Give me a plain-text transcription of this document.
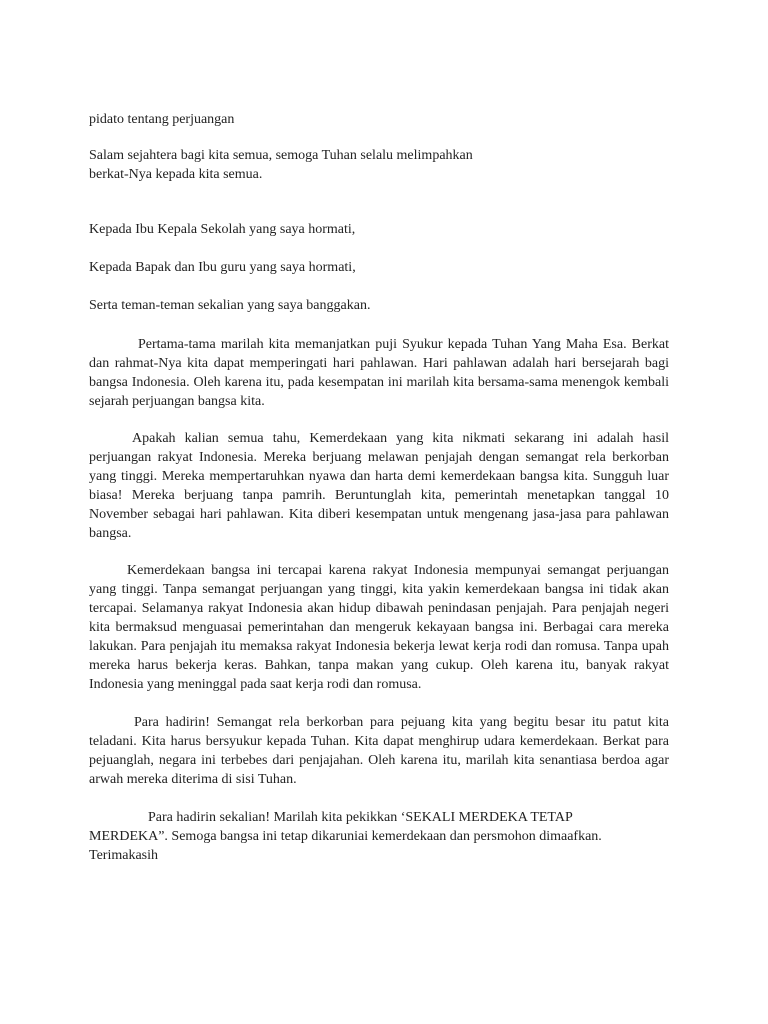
pidato tentang perjuangan

Salam sejahtera bagi kita semua, semoga Tuhan selalu melimpahkan
berkat-Nya kepada kita semua.

Kepada Ibu Kepala Sekolah yang saya hormati,

Kepada Bapak dan Ibu guru yang saya hormati,

Serta teman-teman sekalian yang saya banggakan.

Pertama-tama marilah kita memanjatkan puji Syukur kepada Tuhan Yang Maha Esa. Berkat dan rahmat-Nya kita dapat memperingati hari pahlawan. Hari pahlawan adalah hari bersejarah bagi bangsa Indonesia. Oleh karena itu, pada kesempatan ini marilah kita bersama-sama menengok kembali sejarah perjuangan bangsa kita.

Apakah kalian semua tahu, Kemerdekaan yang kita nikmati sekarang ini adalah hasil perjuangan rakyat Indonesia. Mereka berjuang melawan penjajah dengan semangat rela berkorban yang tinggi. Mereka mempertaruhkan nyawa dan harta demi kemerdekaan bangsa kita. Sungguh luar biasa! Mereka berjuang tanpa pamrih. Beruntunglah kita, pemerintah menetapkan tanggal 10 November sebagai hari pahlawan. Kita diberi kesempatan untuk mengenang jasa-jasa para pahlawan bangsa.

Kemerdekaan bangsa ini tercapai karena rakyat Indonesia mempunyai semangat perjuangan yang tinggi. Tanpa semangat perjuangan yang tinggi, kita yakin kemerdekaan bangsa ini tidak akan tercapai. Selamanya rakyat Indonesia akan hidup dibawah penindasan penjajah. Para penjajah negeri kita bermaksud menguasai pemerintahan dan mengeruk kekayaan bangsa ini. Berbagai cara mereka lakukan. Para penjajah itu memaksa rakyat Indonesia bekerja lewat kerja rodi dan romusa. Tanpa upah mereka harus bekerja keras. Bahkan, tanpa makan yang cukup. Oleh karena itu, banyak rakyat Indonesia yang meninggal pada saat kerja rodi dan romusa.

Para hadirin! Semangat rela berkorban para pejuang kita yang begitu besar itu patut kita teladani. Kita harus bersyukur kepada Tuhan. Kita dapat menghirup udara kemerdekaan. Berkat para pejuanglah, negara ini terbebes dari penjajahan. Oleh karena itu, marilah kita senantiasa berdoa agar arwah mereka diterima di sisi Tuhan.

Para hadirin sekalian! Marilah kita pekikkan ‘SEKALI MERDEKA TETAP
MERDEKA”. Semoga bangsa ini tetap dikaruniai kemerdekaan dan persmohon dimaafkan.
Terimakasih
